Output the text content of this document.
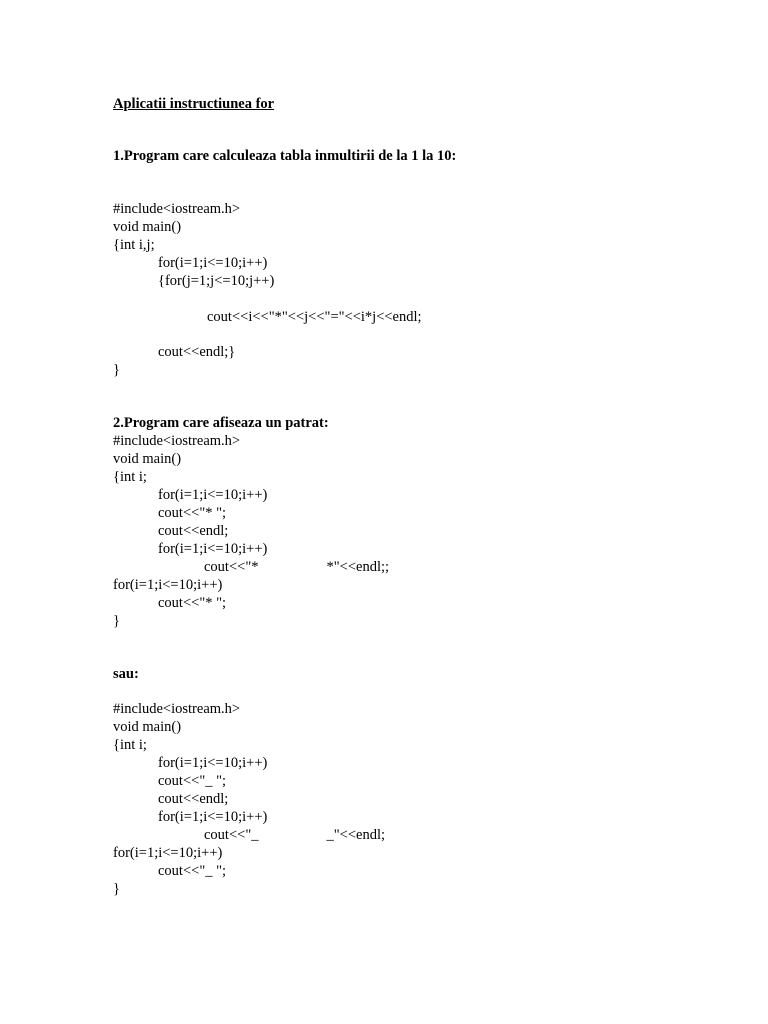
Aplicatii instructiunea for
1.Program care calculeaza tabla inmultirii de la 1 la 10:
#include<iostream.h>
void main()
{int i,j;
for(i=1;i<=10;i++)
{for(j=1;j<=10;j++)
cout<<i<<"*"<<j<<"="<<i*j<<endl;
cout<<endl;}
}
2.Program care afiseaza un patrat:
#include<iostream.h>
void main()
{int i;
for(i=1;i<=10;i++)
cout<<"* ";
cout<<endl;
for(i=1;i<=10;i++)
cout<<"*	*"<<endl;;
for(i=1;i<=10;i++)
cout<<"* ";
}
sau:
#include<iostream.h>
void main()
{int i;
for(i=1;i<=10;i++)
cout<<"_ ";
cout<<endl;
for(i=1;i<=10;i++)
cout<<"_	_"<<endl;
for(i=1;i<=10;i++)
cout<<"_ ";
}
